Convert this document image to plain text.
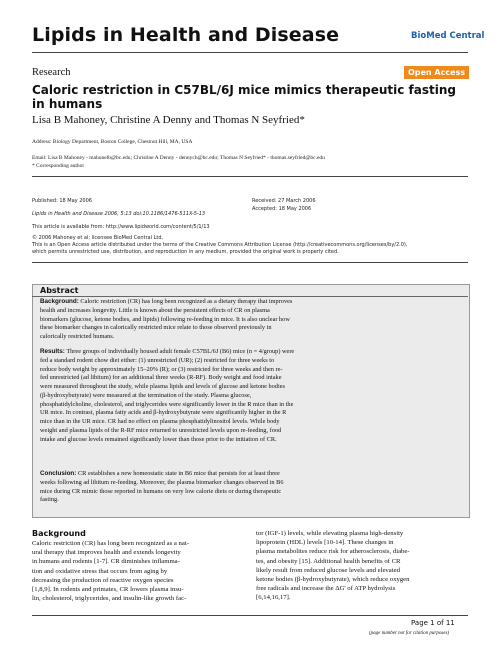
Lipids in Health and Disease	BioMed Central
Research	Open Access
Caloric restriction in C57BL/6J mice mimics therapeutic fasting in humans
Lisa B Mahoney, Christine A Denny and Thomas N Seyfried*
Address: Biology Department, Boston College, Chestnut Hill, MA, USA
Email: Lisa B Mahoney - mahonelb@bc.edu; Christine A Denny - dennych@bc.edu; Thomas N Seyfried* - thomas.seyfried@bc.edu
* Corresponding author
Published: 18 May 2006
Lipids in Health and Disease 2006, 5:13 doi:10.1186/1476-511X-5-13
Received: 27 March 2006
Accepted: 18 May 2006
This article is available from: http://www.lipidworld.com/content/5/1/13
© 2006 Mahoney et al; licensee BioMed Central Ltd.
This is an Open Access article distributed under the terms of the Creative Commons Attribution License (http://creativecommons.org/licenses/by/2.0),
which permits unrestricted use, distribution, and reproduction in any medium, provided the original work is properly cited.
Abstract
Background: Caloric restriction (CR) has long been recognized as a dietary therapy that improves
health and increases longevity. Little is known about the persistent effects of CR on plasma
biomarkers (glucose, ketone bodies, and lipids) following re-feeding in mice. It is also unclear how
these biomarker changes in calorically restricted mice relate to those observed previously in
calorically restricted humans.
Results: Three groups of individually housed adult female C57BL/6J (B6) mice (n = 4/group) were
fed a standard rodent chow diet either: (1) unrestricted (UR); (2) restricted for three weeks to
reduce body weight by approximately 15–20% (R); or (3) restricted for three weeks and then re-
fed unrestricted (ad libitum) for an additional three weeks (R-RF). Body weight and food intake
were measured throughout the study, while plasma lipids and levels of glucose and ketone bodies
(β-hydroxybutyrate) were measured at the termination of the study. Plasma glucose,
phosphatidylcholine, cholesterol, and triglycerides were significantly lower in the R mice than in the
UR mice. In contrast, plasma fatty acids and β-hydroxybutyrate were significantly higher in the R
mice than in the UR mice. CR had no effect on plasma phosphatidylinositol levels. While body
weight and plasma lipids of the R-RF mice returned to unrestricted levels upon re-feeding, food
intake and glucose levels remained significantly lower than those prior to the initiation of CR.
Conclusion: CR establishes a new homeostatic state in B6 mice that persists for at least three
weeks following ad libitum re-feeding. Moreover, the plasma biomarker changes observed in B6
mice during CR mimic those reported in humans on very low calorie diets or during therapeutic
fasting.
Background
Caloric restriction (CR) has long been recognized as a nat-
ural therapy that improves health and extends longevity
in humans and rodents [1-7]. CR diminishes inflamma-
tion and oxidative stress that occurs from aging by
decreasing the production of reactive oxygen species
[1,8,9]. In rodents and primates, CR lowers plasma insu-
lin, cholesterol, triglycerides, and insulin-like growth fac-
tor (IGF-1) levels, while elevating plasma high-density
lipoprotein (HDL) levels [10-14]. These changes in
plasma metabolites reduce risk for atherosclerosis, diabe-
tes, and obesity [15]. Additional health benefits of CR
likely result from reduced glucose levels and elevated
ketone bodies (β-hydroxybutyrate), which reduce oxygen
free radicals and increase the ΔG' of ATP hydrolysis
[6,14,16,17].
Page 1 of 11
(page number not for citation purposes)
